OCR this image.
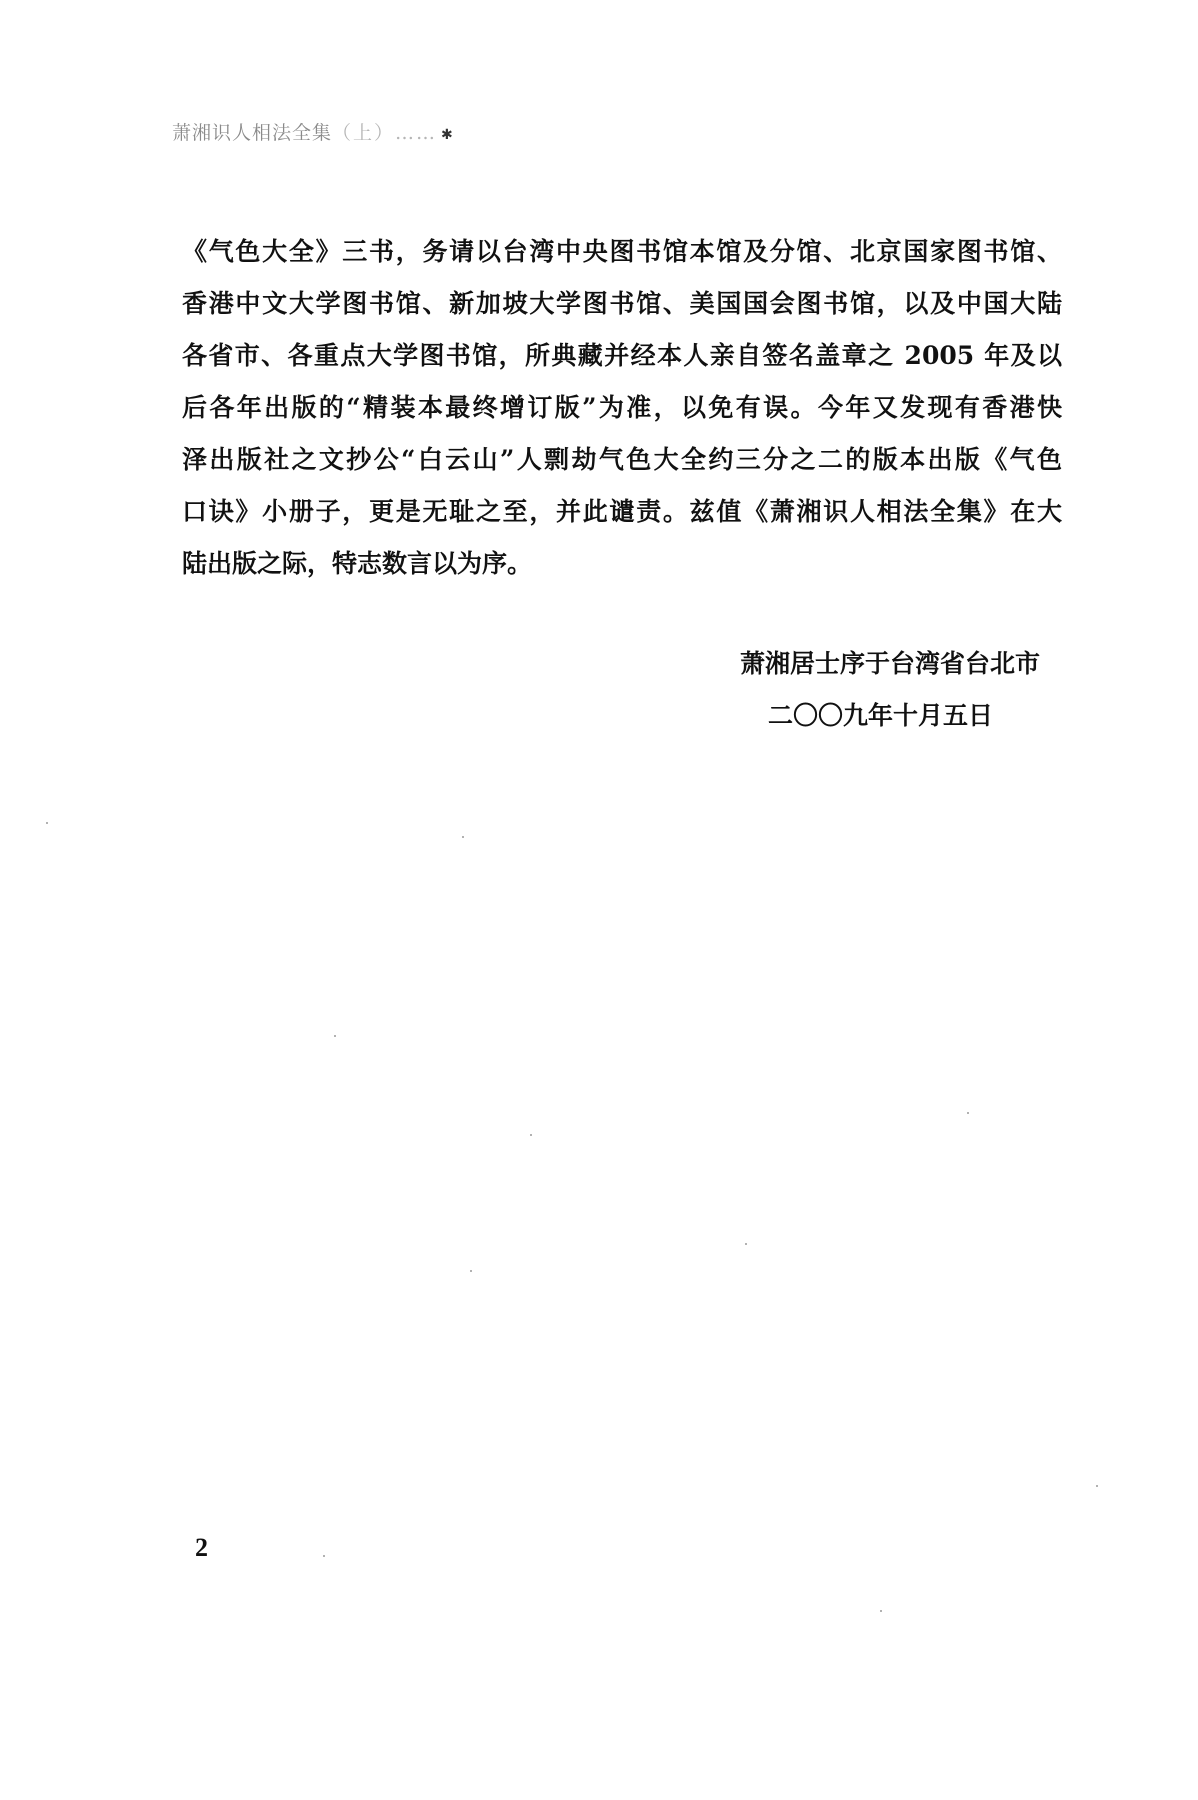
萧湘识人相法全集（上）…… ✱
《气色大全》三书，务请以台湾中央图书馆本馆及分馆、北京国家图书馆、
香港中文大学图书馆、新加坡大学图书馆、美国国会图书馆，以及中国大陆
各省市、各重点大学图书馆，所典藏并经本人亲自签名盖章之 2005 年及以
后各年出版的“精装本最终增订版”为准，以免有误。今年又发现有香港快
泽出版社之文抄公“白云山”人剽劫气色大全约三分之二的版本出版《气色
口诀》小册子，更是无耻之至，并此谴责。兹值《萧湘识人相法全集》在大
陆出版之际，特志数言以为序。
萧湘居士序于台湾省台北市
二〇〇九年十月五日
2
